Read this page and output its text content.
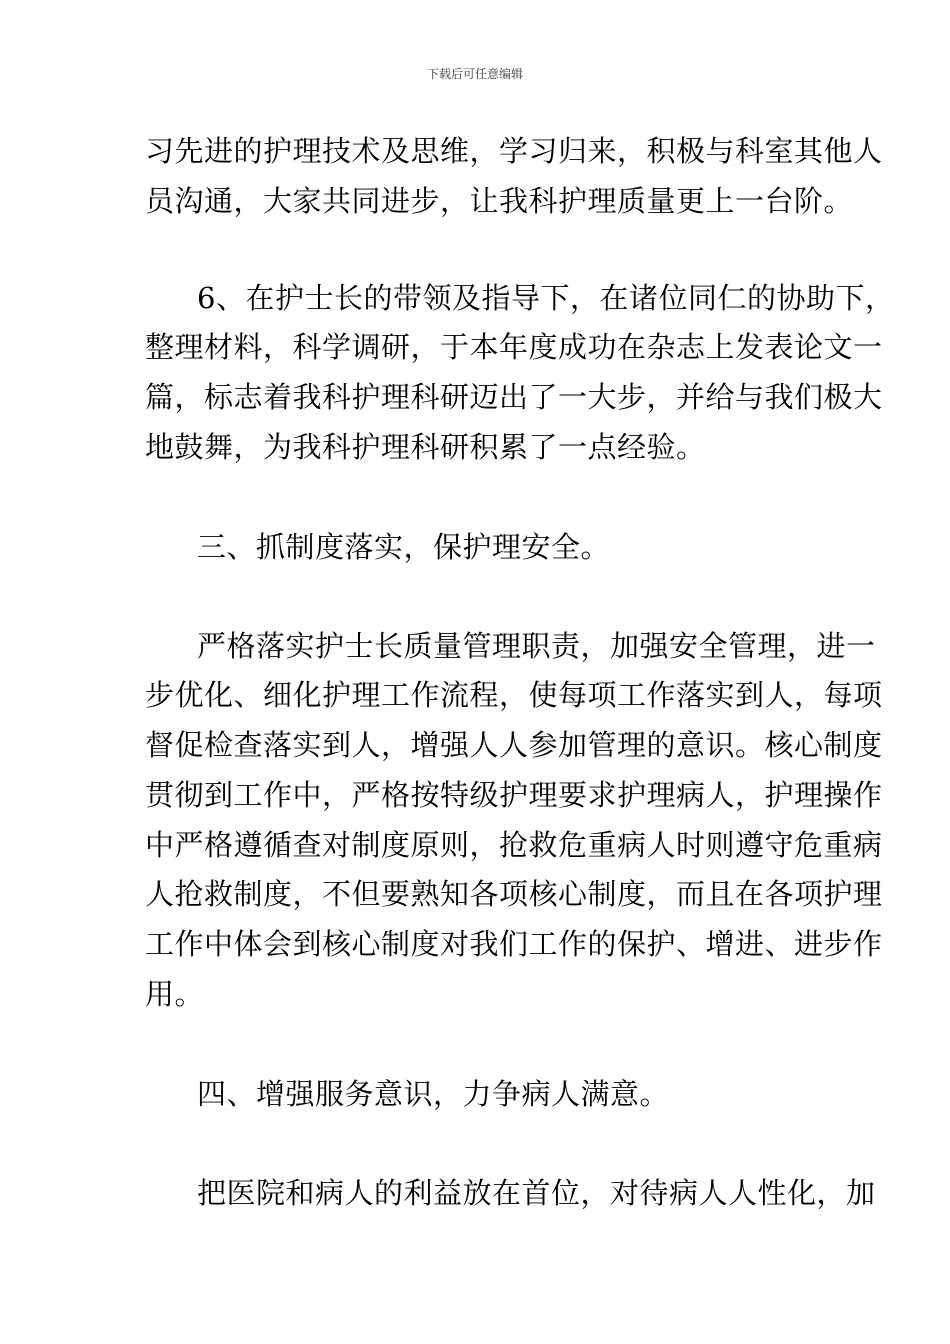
下载后可任意编辑
习先进的护理技术及思维，学习归来，积极与科室其他人
员沟通，大家共同进步，让我科护理质量更上一台阶。
6、在护士长的带领及指导下，在诸位同仁的协助下，
整理材料，科学调研，于本年度成功在杂志上发表论文一
篇，标志着我科护理科研迈出了一大步，并给与我们极大
地鼓舞，为我科护理科研积累了一点经验。
三、抓制度落实，保护理安全。
严格落实护士长质量管理职责，加强安全管理，进一
步优化、细化护理工作流程，使每项工作落实到人，每项
督促检查落实到人，增强人人参加管理的意识。核心制度
贯彻到工作中，严格按特级护理要求护理病人，护理操作
中严格遵循查对制度原则，抢救危重病人时则遵守危重病
人抢救制度，不但要熟知各项核心制度，而且在各项护理
工作中体会到核心制度对我们工作的保护、增进、进步作
用。
四、增强服务意识，力争病人满意。
把医院和病人的利益放在首位，对待病人人性化，加
